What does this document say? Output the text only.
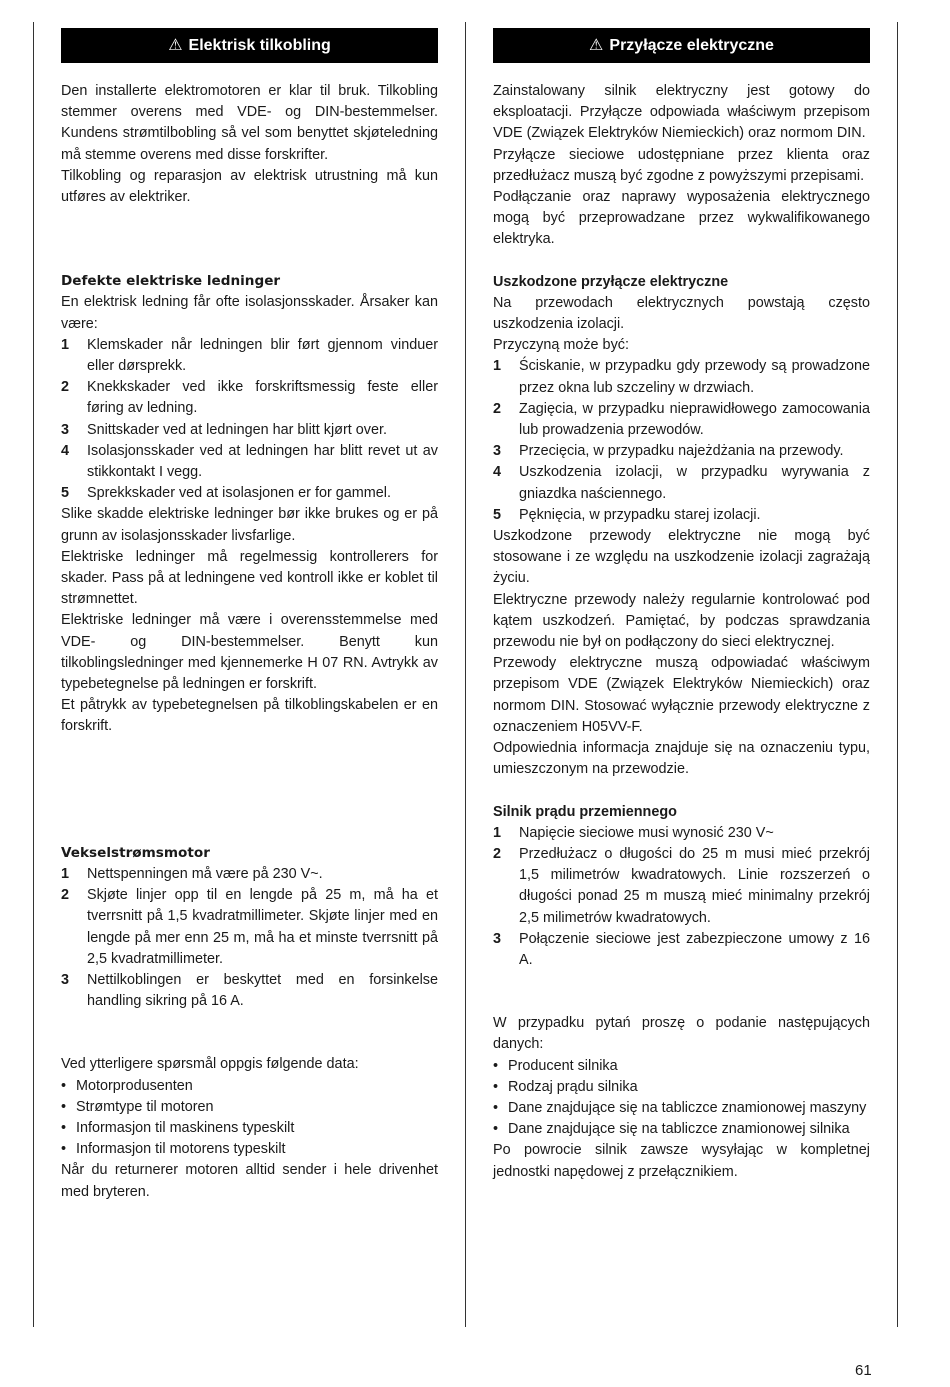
⚠ Elektrisk tilkobling

Den installerte elektromotoren er klar til bruk. Tilkobling stemmer overens med VDE- og DIN-bestemmelser. Kundens strømtilbobling så vel som benyttet skjøteledning må stemme overens med disse forskrifter.

Tilkobling og reparasjon av elektrisk utrustning må kun utføres av elektriker.

Defekte elektriske ledninger

En elektrisk ledning får ofte isolasjonsskader. Årsaker kan være:

1	Klemskader når ledningen blir ført gjennom vinduer eller dørsprekk.
2	Knekkskader ved ikke forskriftsmessig feste eller føring av ledning.
3	Snittskader ved at ledningen har blitt kjørt over.
4	Isolasjonsskader ved at ledningen har blitt revet ut av stikkontakt I vegg.
5	Sprekkskader ved at isolasjonen er for gammel.

Slike skadde elektriske ledninger bør ikke brukes og er på grunn av isolasjonsskader livsfarlige.

Elektriske ledninger må regelmessig kontrollerers for skader. Pass på at ledningene ved kontroll ikke er koblet til strømnettet.

Elektriske ledninger må være i overensstemmelse med VDE- og DIN-bestemmelser. Benytt kun tilkoblingsledninger med kjennemerke H 07 RN. Avtrykk av typebetegnelse på ledningen er forskrift.

Et påtrykk av typebetegnelsen på tilkoblingskabelen er en forskrift.

Vekselstrømsmotor

1	Nettspenningen må være på 230 V~.
2	Skjøte linjer opp til en lengde på 25 m, må ha et tverrsnitt på 1,5 kvadratmillimeter. Skjøte linjer med en lengde på mer enn 25 m, må ha et minste tverrsnitt på 2,5 kvadratmillimeter.
3	Nettilkoblingen er beskyttet med en forsinkelse handling sikring på 16 A.

Ved ytterligere spørsmål oppgis følgende data:

• Motorprodusenten
• Strømtype til motoren
• Informasjon til maskinens typeskilt
• Informasjon til motorens typeskilt

Når du returnerer motoren alltid sender i hele drivenhet med bryteren.

⚠ Przyłącze elektryczne

Zainstalowany silnik elektryczny jest gotowy do eksploatacji. Przyłącze odpowiada właściwym przepisom VDE (Związek Elektryków Niemieckich) oraz normom DIN.

Przyłącze sieciowe udostępniane przez klienta oraz przedłużacz muszą być zgodne z powyższymi przepisami.

Podłączanie oraz naprawy wyposażenia elektrycznego mogą być przeprowadzane przez wykwalifikowanego elektryka.

Uszkodzone przyłącze elektryczne

Na przewodach elektrycznych powstają często uszkodzenia izolacji.

Przyczyną może być:

1	Ściskanie, w przypadku gdy przewody są prowadzone przez okna lub szczeliny w drzwiach.
2	Zagięcia, w przypadku nieprawidłowego zamocowania lub prowadzenia przewodów.
3	Przecięcia, w przypadku najeżdżania na przewody.
4	Uszkodzenia izolacji, w przypadku wyrywania z gniazdka naściennego.
5	Pęknięcia, w przypadku starej izolacji.

Uszkodzone przewody elektryczne nie mogą być stosowane i ze względu na uszkodzenie izolacji zagrażają życiu.

Elektryczne przewody należy regularnie kontrolować pod kątem uszkodzeń. Pamiętać, by podczas sprawdzania przewodu nie był on podłączony do sieci elektrycznej.

Przewody elektryczne muszą odpowiadać właściwym przepisom VDE (Związek Elektryków Niemieckich) oraz normom DIN. Stosować wyłącznie przewody elektryczne z oznaczeniem H05VV-F.

Odpowiednia informacja znajduje się na oznaczeniu typu, umieszczonym na przewodzie.

Silnik prądu przemiennego

1	Napięcie sieciowe musi wynosić 230 V~
2	Przedłużacz o długości do 25 m musi mieć przekrój 1,5 milimetrów kwadratowych. Linie rozszerzeń o długości ponad 25 m muszą mieć minimalny przekrój 2,5 milimetrów kwadratowych.
3	Połączenie sieciowe jest zabezpieczone umowy z 16 A.

W przypadku pytań proszę o podanie następujących danych:

• Producent silnika
• Rodzaj prądu silnika
• Dane znajdujące się na tabliczce znamionowej maszyny
• Dane znajdujące się na tabliczce znamionowej silnika

Po powrocie silnik zawsze wysyłając w kompletnej jednostki napędowej z przełącznikiem.

61
